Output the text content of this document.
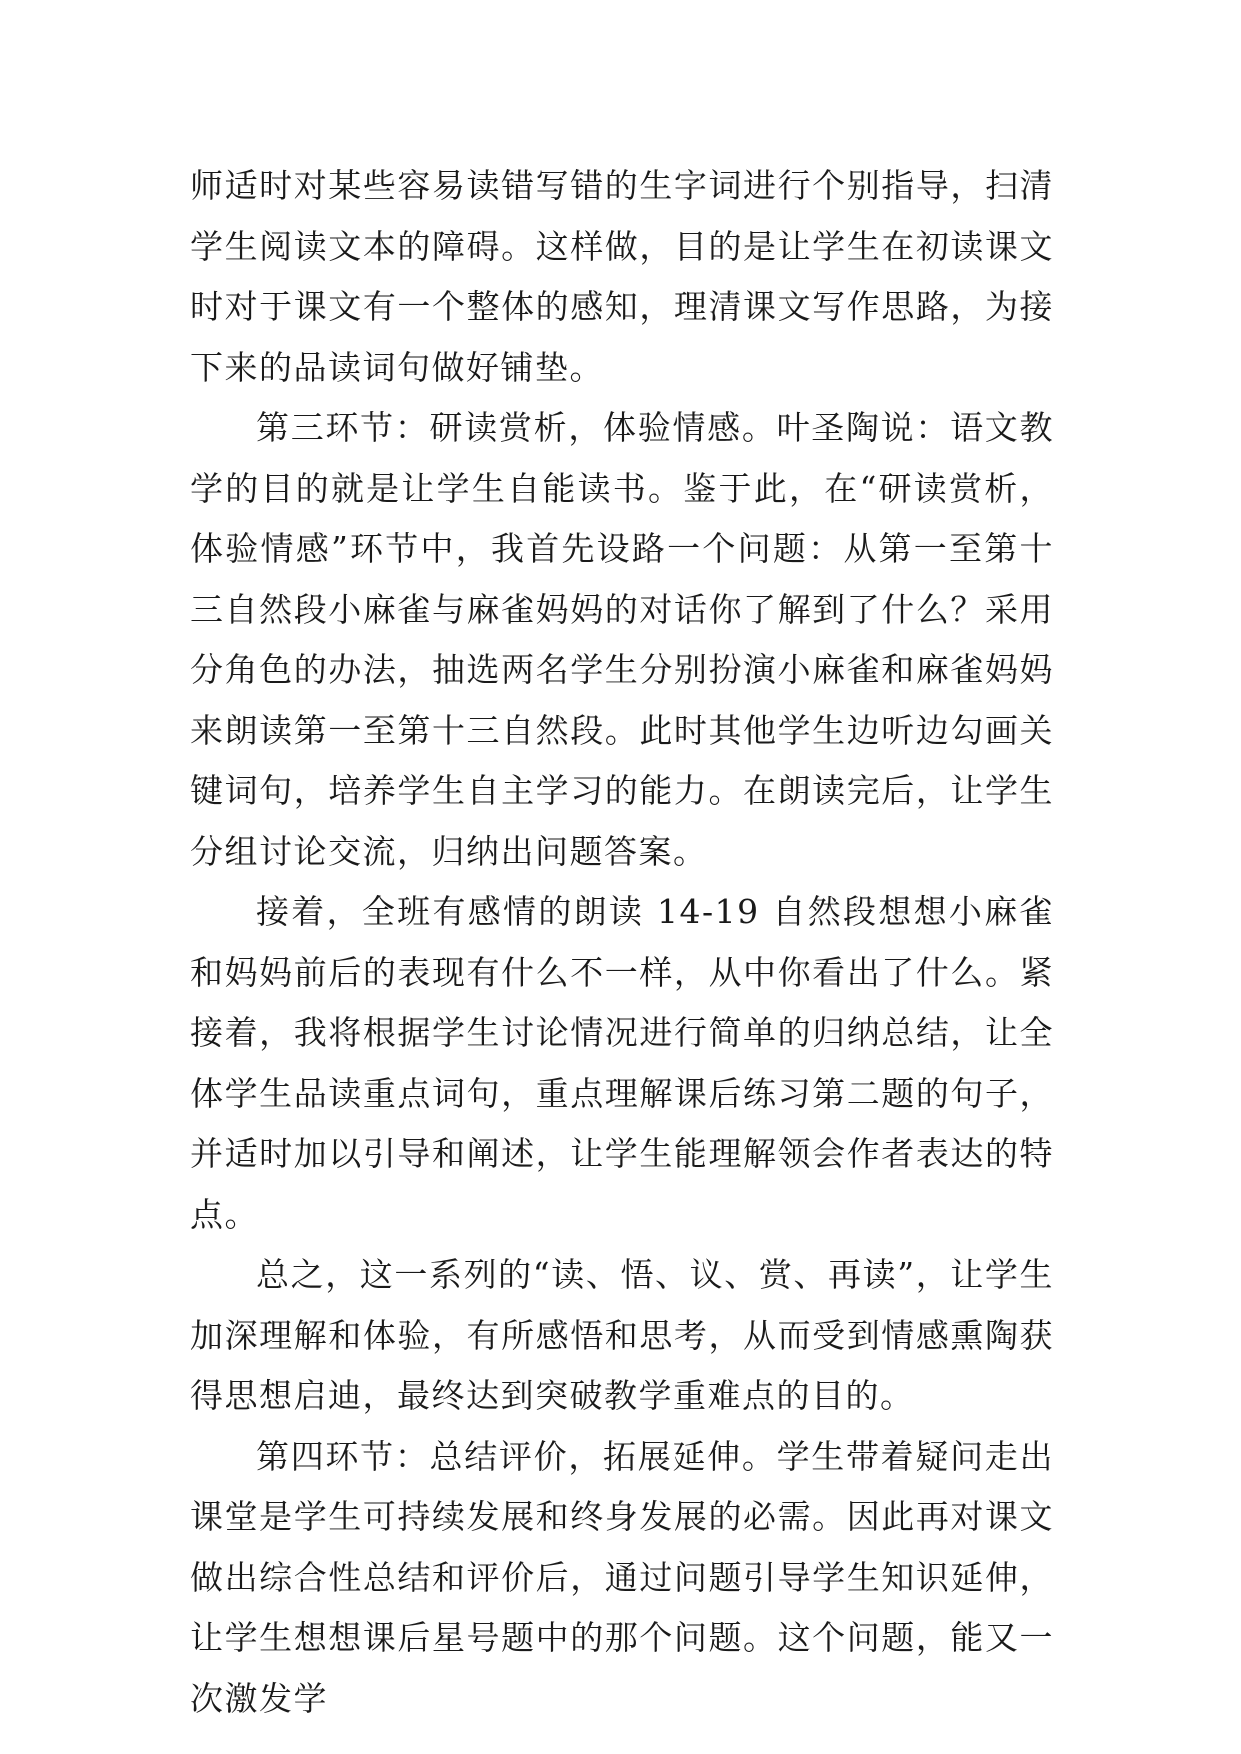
师适时对某些容易读错写错的生字词进行个别指导，扫清学生阅读文本的障碍。这样做，目的是让学生在初读课文时对于课文有一个整体的感知，理清课文写作思路，为接下来的品读词句做好铺垫。

第三环节：研读赏析，体验情感。叶圣陶说：语文教学的目的就是让学生自能读书。鉴于此，在“研读赏析，体验情感”环节中，我首先设路一个问题：从第一至第十三自然段小麻雀与麻雀妈妈的对话你了解到了什么？采用分角色的办法，抽选两名学生分别扮演小麻雀和麻雀妈妈来朗读第一至第十三自然段。此时其他学生边听边勾画关键词句，培养学生自主学习的能力。在朗读完后，让学生分组讨论交流，归纳出问题答案。

接着，全班有感情的朗读 14-19 自然段想想小麻雀和妈妈前后的表现有什么不一样，从中你看出了什么。紧接着，我将根据学生讨论情况进行简单的归纳总结，让全体学生品读重点词句，重点理解课后练习第二题的句子，并适时加以引导和阐述，让学生能理解领会作者表达的特点。

总之，这一系列的“读、悟、议、赏、再读”，让学生加深理解和体验，有所感悟和思考，从而受到情感熏陶获得思想启迪，最终达到突破教学重难点的目的。

第四环节：总结评价，拓展延伸。学生带着疑问走出课堂是学生可持续发展和终身发展的必需。因此再对课文做出综合性总结和评价后，通过问题引导学生知识延伸，让学生想想课后星号题中的那个问题。这个问题，能又一次激发学
